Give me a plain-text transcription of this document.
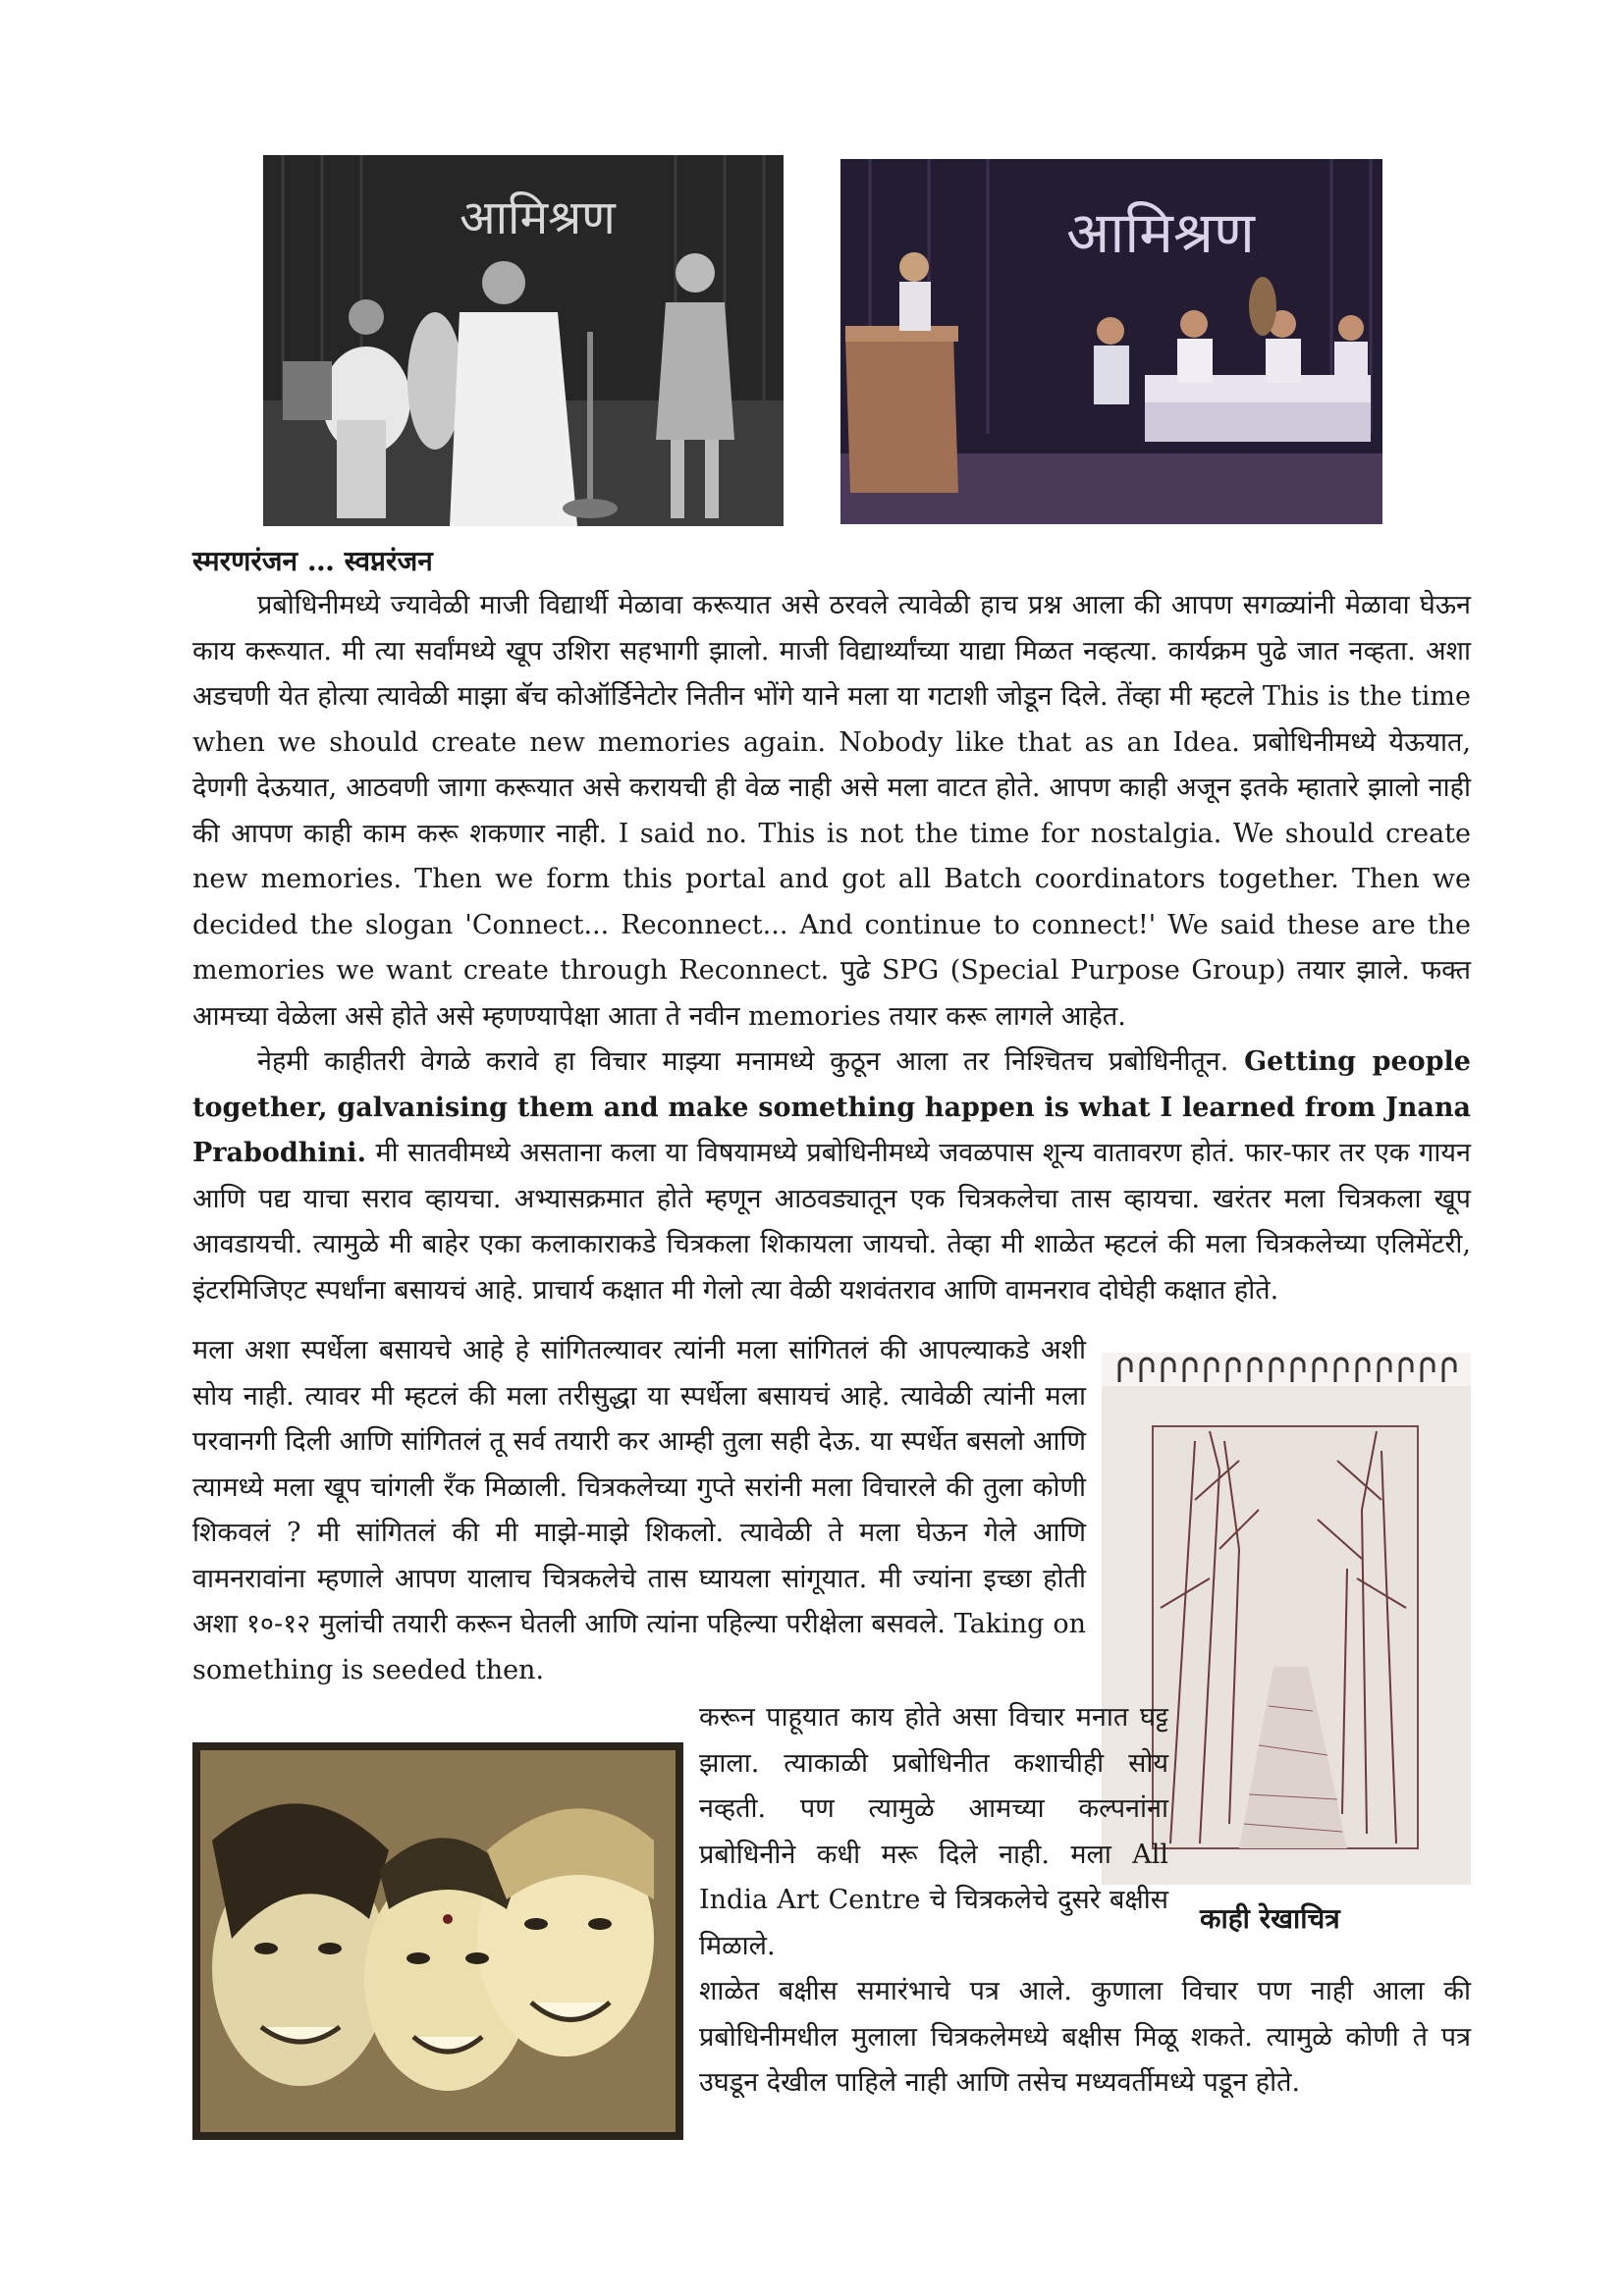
आमिश्रण	आमिश्रण
स्मरणरंजन … स्वप्नरंजन

प्रबोधिनीमध्ये ज्यावेळी माजी विद्यार्थी मेळावा करूयात असे ठरवले त्यावेळी हाच प्रश्न आला की आपण सगळ्यांनी मेळावा घेऊन काय करूयात. मी त्या सर्वांमध्ये खूप उशिरा सहभागी झालो. माजी विद्यार्थ्यांच्या याद्या मिळत नव्हत्या. कार्यक्रम पुढे जात नव्हता. अशा अडचणी येत होत्या त्यावेळी माझा बॅच कोऑर्डिनेटोर नितीन भोंगे याने मला या गटाशी जोडून दिले. तेंव्हा मी म्हटले This is the time when we should create new memories again. Nobody like that as an Idea. प्रबोधिनीमध्ये येऊयात, देणगी देऊयात, आठवणी जागा करूयात असे करायची ही वेळ नाही असे मला वाटत होते. आपण काही अजून इतके म्हातारे झालो नाही की आपण काही काम करू शकणार नाही. I said no. This is not the time for nostalgia. We should create new memories. Then we form this portal and got all Batch coordinators together. Then we decided the slogan 'Connect... Reconnect... And continue to connect!' We said these are the memories we want create through Reconnect. पुढे SPG (Special Purpose Group) तयार झाले. फक्त आमच्या वेळेला असे होते असे म्हणण्यापेक्षा आता ते नवीन memories तयार करू लागले आहेत.

नेहमी काहीतरी वेगळे करावे हा विचार माझ्या मनामध्ये कुठून आला तर निश्चितच प्रबोधिनीतून. Getting people together, galvanising them and make something happen is what I learned from Jnana Prabodhini. मी सातवीमध्ये असताना कला या विषयामध्ये प्रबोधिनीमध्ये जवळपास शून्य वातावरण होतं. फार-फार तर एक गायन आणि पद्य याचा सराव व्हायचा. अभ्यासक्रमात होते म्हणून आठवड्यातून एक चित्रकलेचा तास व्हायचा. खरंतर मला चित्रकला खूप आवडायची. त्यामुळे मी बाहेर एका कलाकाराकडे चित्रकला शिकायला जायचो. तेव्हा मी शाळेत म्हटलं की मला चित्रकलेच्या एलिमेंटरी, इंटरमिजिएट स्पर्धांना बसायचं आहे. प्राचार्य कक्षात मी गेलो त्या वेळी यशवंतराव आणि वामनराव दोघेही कक्षात होते.

मला अशा स्पर्धेला बसायचे आहे हे सांगितल्यावर त्यांनी मला सांगितलं की आपल्याकडे अशी सोय नाही. त्यावर मी म्हटलं की मला तरीसुद्धा या स्पर्धेला बसायचं आहे. त्यावेळी त्यांनी मला परवानगी दिली आणि सांगितलं तू सर्व तयारी कर आम्ही तुला सही देऊ. या स्पर्धेत बसलो आणि त्यामध्ये मला खूप चांगली रँक मिळाली. चित्रकलेच्या गुप्ते सरांनी मला विचारले की तुला कोणी शिकवलं ? मी सांगितलं की मी माझे-माझे शिकलो. त्यावेळी ते मला घेऊन गेले आणि वामनरावांना म्हणाले आपण यालाच चित्रकलेचे तास घ्यायला सांगूयात. मी ज्यांना इच्छा होती अशा १०-१२ मुलांची तयारी करून घेतली आणि त्यांना पहिल्या परीक्षेला बसवले. Taking on something is seeded then.

करून पाहूयात काय होते असा विचार मनात घट्ट झाला. त्याकाळी प्रबोधिनीत कशाचीही सोय नव्हती. पण त्यामुळे आमच्या कल्पनांना प्रबोधिनीने कधी मरू दिले नाही. मला All India Art Centre चे चित्रकलेचे दुसरे बक्षीस मिळाले.

काही रेखाचित्र

शाळेत बक्षीस समारंभाचे पत्र आले. कुणाला विचार पण नाही आला की प्रबोधिनीमधील मुलाला चित्रकलेमध्ये बक्षीस मिळू शकते. त्यामुळे कोणी ते पत्र उघडून देखील पाहिले नाही आणि तसेच मध्यवर्तीमध्ये पडून होते.
